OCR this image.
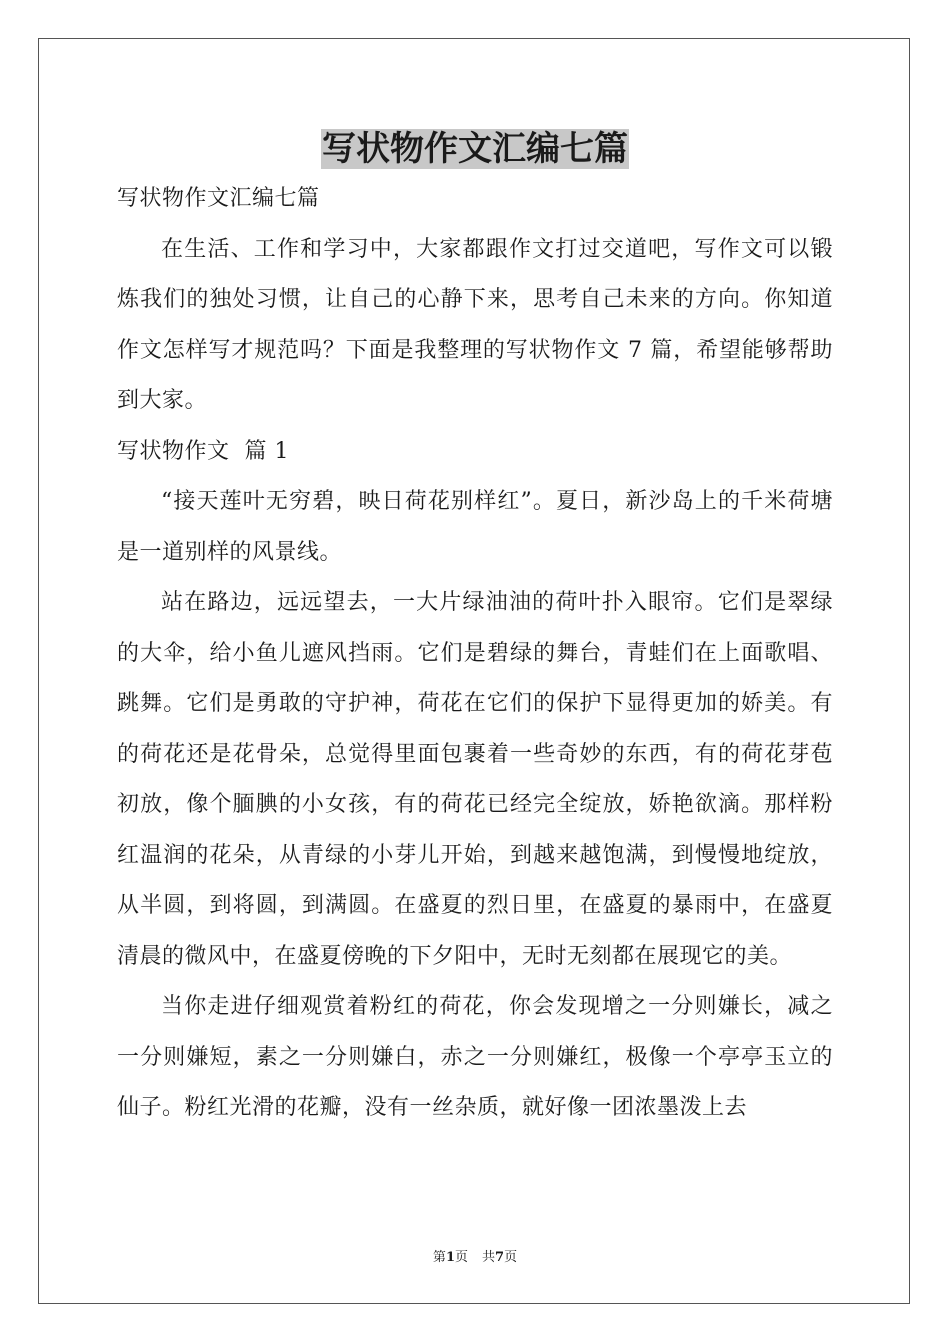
写状物作文汇编七篇

写状物作文汇编七篇

在生活、工作和学习中，大家都跟作文打过交道吧，写作文可以锻炼我们的独处习惯，让自己的心静下来，思考自己未来的方向。你知道作文怎样写才规范吗？下面是我整理的写状物作文 7 篇，希望能够帮助到大家。

写状物作文  篇 1

“接天莲叶无穷碧，映日荷花别样红”。夏日，新沙岛上的千米荷塘是一道别样的风景线。

站在路边，远远望去，一大片绿油油的荷叶扑入眼帘。它们是翠绿的大伞，给小鱼儿遮风挡雨。它们是碧绿的舞台，青蛙们在上面歌唱、跳舞。它们是勇敢的守护神，荷花在它们的保护下显得更加的娇美。有的荷花还是花骨朵，总觉得里面包裹着一些奇妙的东西，有的荷花芽苞初放，像个腼腆的小女孩，有的荷花已经完全绽放，娇艳欲滴。那样粉红温润的花朵，从青绿的小芽儿开始，到越来越饱满，到慢慢地绽放，从半圆，到将圆，到满圆。在盛夏的烈日里，在盛夏的暴雨中，在盛夏清晨的微风中，在盛夏傍晚的下夕阳中，无时无刻都在展现它的美。

当你走进仔细观赏着粉红的荷花，你会发现增之一分则嫌长，减之一分则嫌短，素之一分则嫌白，赤之一分则嫌红，极像一个亭亭玉立的仙子。粉红光滑的花瓣，没有一丝杂质，就好像一团浓墨泼上去

第1页 共7页
